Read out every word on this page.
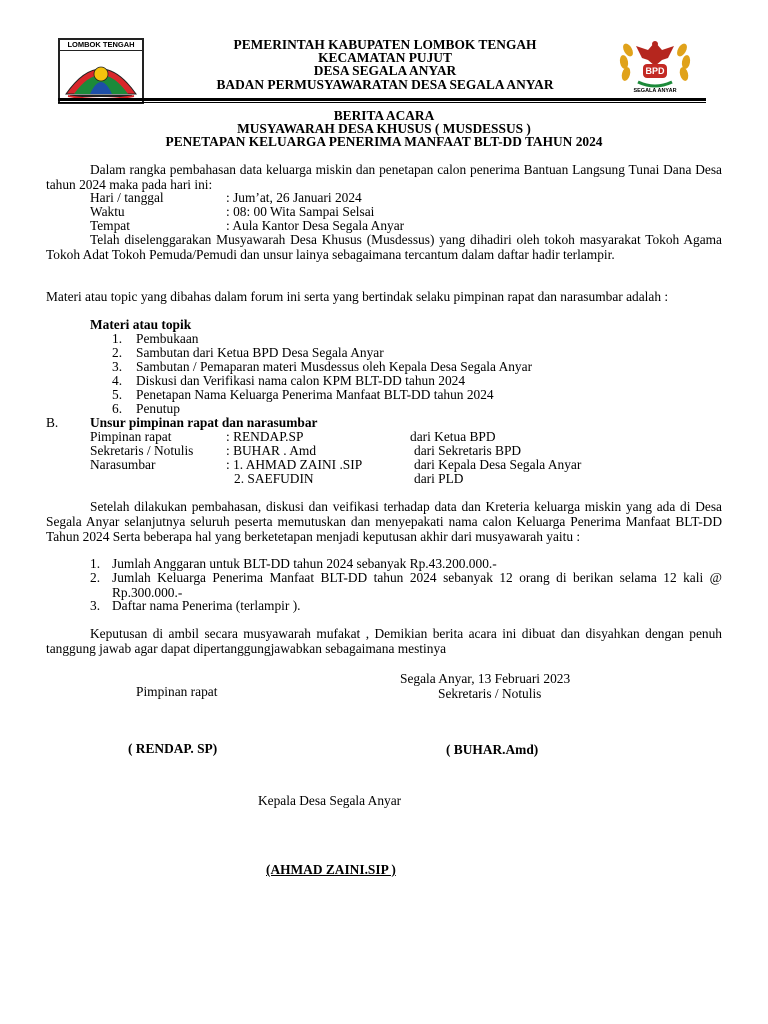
LOMBOK TENGAH	PEMERINTAH KABUPATEN LOMBOK TENGAH
KECAMATAN PUJUT
DESA SEGALA ANYAR
BADAN PERMUSYAWARATAN DESA SEGALA ANYAR
BPD
SEGALA ANYAR
BERITA ACARA
MUSYAWARAH DESA KHUSUS ( MUSDESSUS )
PENETAPAN KELUARGA PENERIMA MANFAAT BLT-DD TAHUN 2024
Dalam rangka pembahasan data keluarga miskin dan penetapan calon penerima Bantuan Langsung Tunai Dana Desa tahun 2024 maka pada hari ini:
Hari / tanggal	: Jum’at, 26 Januari 2024
Waktu	: 08: 00 Wita Sampai Selsai
Tempat	: Aula Kantor Desa Segala Anyar
Telah diselenggarakan Musyawarah Desa Khusus (Musdessus) yang dihadiri oleh tokoh masyarakat Tokoh Agama Tokoh Adat Tokoh Pemuda/Pemudi dan unsur lainya sebagaimana tercantum dalam daftar hadir terlampir.
Materi atau topic yang dibahas dalam forum ini serta yang bertindak selaku pimpinan rapat dan narasumbar adalah :
Materi atau topik
1. Pembukaan
2. Sambutan dari Ketua BPD Desa Segala Anyar
3. Sambutan / Pemaparan materi Musdessus oleh Kepala Desa Segala Anyar
4. Diskusi dan Verifikasi nama calon KPM BLT-DD tahun 2024
5. Penetapan Nama Keluarga Penerima Manfaat BLT-DD tahun 2024
6. Penutup
B. Unsur pimpinan rapat dan narasumbar
Pimpinan rapat	: RENDAP.SP	dari Ketua BPD
Sekretaris / Notulis : BUHAR . Amd	dari Sekretaris BPD
Narasumbar	: 1. AHMAD ZAINI .SIP	dari Kepala Desa Segala Anyar
2. SAEFUDIN	dari PLD
Setelah dilakukan pembahasan, diskusi dan veifikasi terhadap data dan Kreteria keluarga miskin yang ada di Desa Segala Anyar selanjutnya seluruh peserta memutuskan dan menyepakati nama calon Keluarga Penerima Manfaat BLT-DD Tahun 2024 Serta beberapa hal yang berketetapan menjadi keputusan akhir dari musyawarah yaitu :
1. Jumlah Anggaran untuk BLT-DD tahun 2024 sebanyak Rp.43.200.000.-
2. Jumlah Keluarga Penerima Manfaat BLT-DD tahun 2024 sebanyak 12 orang di berikan selama 12 kali @ Rp.300.000.-
3. Daftar nama Penerima (terlampir ).
Keputusan di ambil secara musyawarah mufakat , Demikian berita acara ini dibuat dan disyahkan dengan penuh tanggung jawab agar dapat dipertanggungjawabkan sebagaimana mestinya
Segala Anyar, 13 Februari 2023
Pimpinan rapat	Sekretaris / Notulis
( RENDAP. SP)	( BUHAR.Amd)
Kepala Desa Segala Anyar
(AHMAD ZAINI.SIP )
